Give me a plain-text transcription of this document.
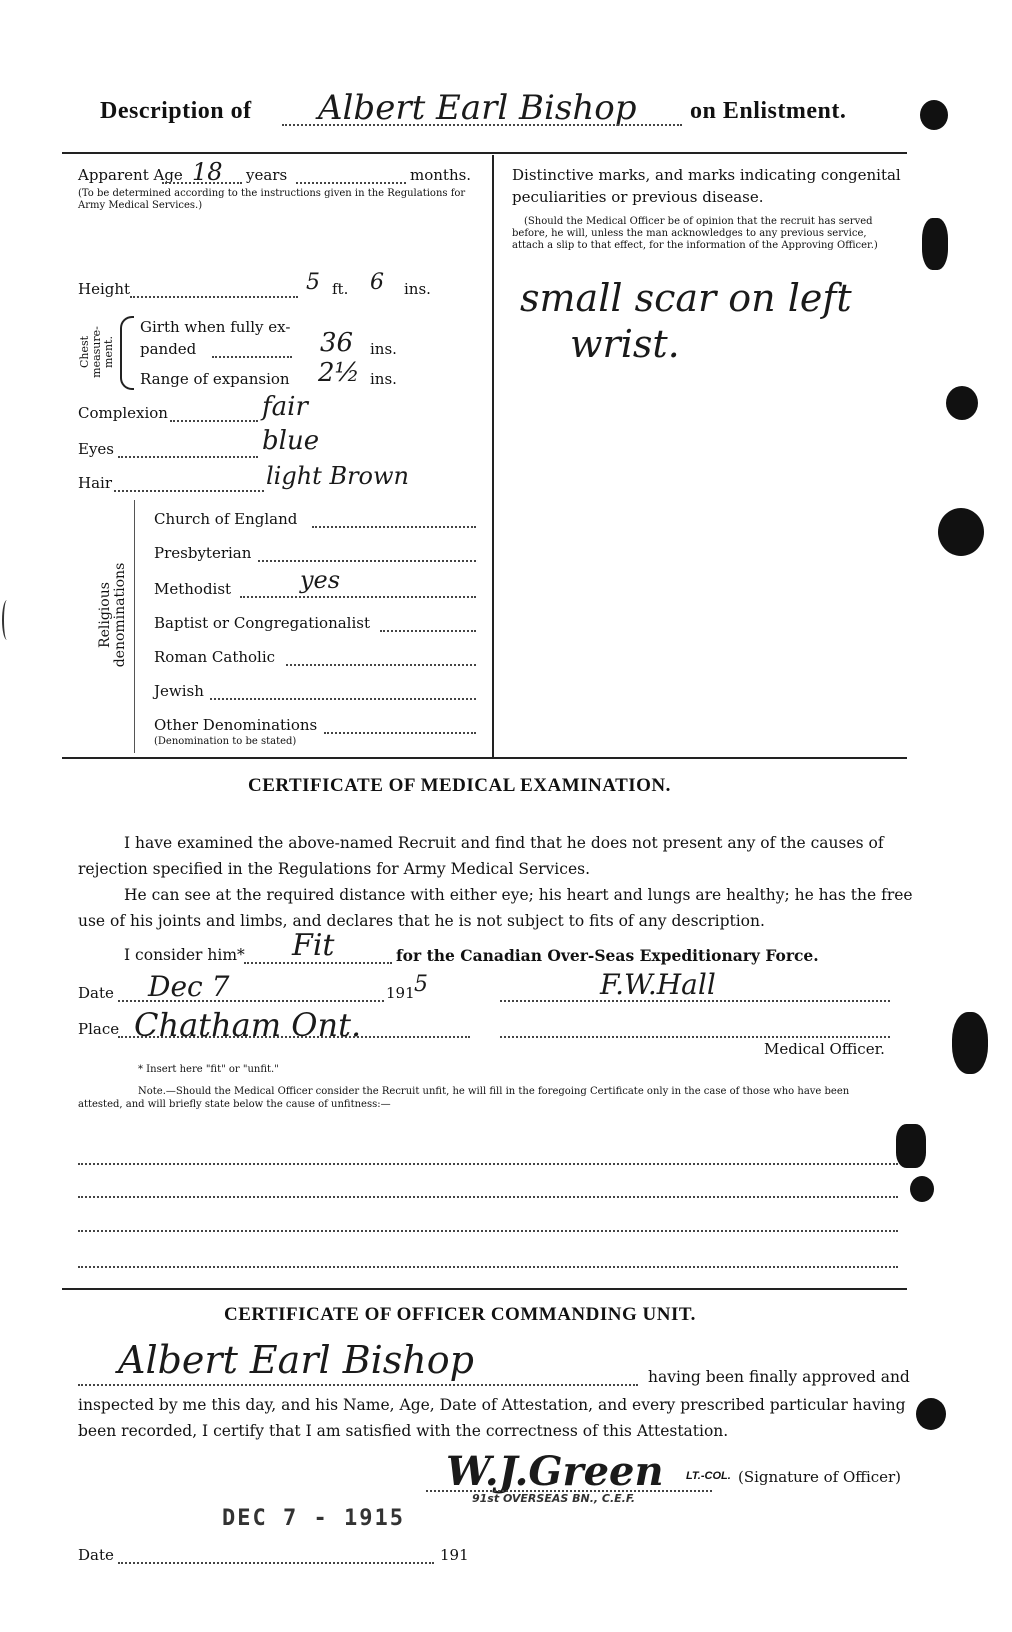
Description of Albert Earl Bishop on Enlistment.
Apparent Age 18 years	months.
(To be determined according to the instructions given in the Regulations for Army Medical Services.)
Height	5 ft. 6 ins.
Chest measure-ment.
Girth when fully ex-
panded	36 ins.
Range of expansion 2½ ins.
Complexion	fair
Eyes	blue
Hair	light Brown
Religious denominations
Church of England
Presbyterian
Methodist	yes
Baptist or Congregationalist
Roman Catholic
Jewish
Other Denominations
(Denomination to be stated)
Distinctive marks, and marks indicating congenital
peculiarities or previous disease.
(Should the Medical Officer be of opinion that the recruit has served before, he will, unless the man acknowledges to any previous service, attach a slip to that effect, for the information of the Approving Officer.)
small scar on left
wrist.
CERTIFICATE OF MEDICAL EXAMINATION.
I have examined the above-named Recruit and find that he does not present any of the causes of
rejection specified in the Regulations for Army Medical Services.
He can see at the required distance with either eye; his heart and lungs are healthy; he has the free
use of his joints and limbs, and declares that he is not subject to fits of any description.
I consider him* Fit	for the Canadian Over-Seas Expeditionary Force.
Date Dec 7	191 5	F.W.Hall
Place Chatham Ont.
Medical Officer.
* Insert here "fit" or "unfit."
Note.—Should the Medical Officer consider the Recruit unfit, he will fill in the foregoing Certificate only in the case of those who have been
attested, and will briefly state below the cause of unfitness:—
CERTIFICATE OF OFFICER COMMANDING UNIT.
Albert Earl Bishop	having been finally approved and
inspected by me this day, and his Name, Age, Date of Attestation, and every prescribed particular having
been recorded, I certify that I am satisfied with the correctness of this Attestation.
W.J.Green LT.-COL. (Signature of Officer)
91st OVERSEAS BN., C.E.F.
DEC 7 - 1915
Date	191
